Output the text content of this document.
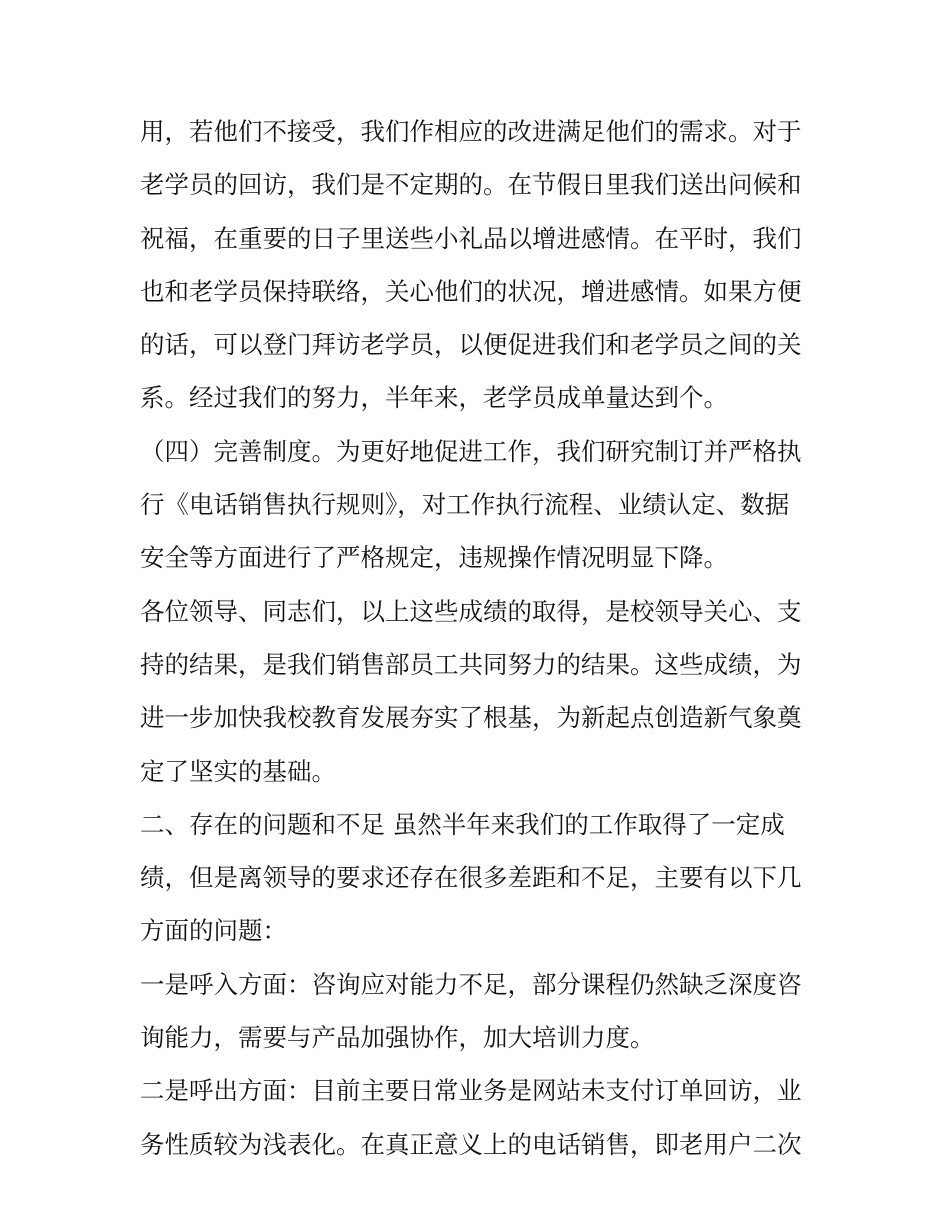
用，若他们不接受，我们作相应的改进满足他们的需求。对于
老学员的回访，我们是不定期的。在节假日里我们送出问候和
祝福，在重要的日子里送些小礼品以增进感情。在平时，我们
也和老学员保持联络，关心他们的状况，增进感情。如果方便
的话，可以登门拜访老学员，以便促进我们和老学员之间的关
系。经过我们的努力，半年来，老学员成单量达到个。
（四）完善制度。为更好地促进工作，我们研究制订并严格执
行《电话销售执行规则》，对工作执行流程、业绩认定、数据
安全等方面进行了严格规定，违规操作情况明显下降。
各位领导、同志们，以上这些成绩的取得，是校领导关心、支
持的结果，是我们销售部员工共同努力的结果。这些成绩，为
进一步加快我校教育发展夯实了根基，为新起点创造新气象奠
定了坚实的基础。
二、存在的问题和不足 虽然半年来我们的工作取得了一定成
绩，但是离领导的要求还存在很多差距和不足，主要有以下几
方面的问题：
一是呼入方面：咨询应对能力不足，部分课程仍然缺乏深度咨
询能力，需要与产品加强协作，加大培训力度。
二是呼出方面：目前主要日常业务是网站未支付订单回访，业
务性质较为浅表化。在真正意义上的电话销售，即老用户二次
